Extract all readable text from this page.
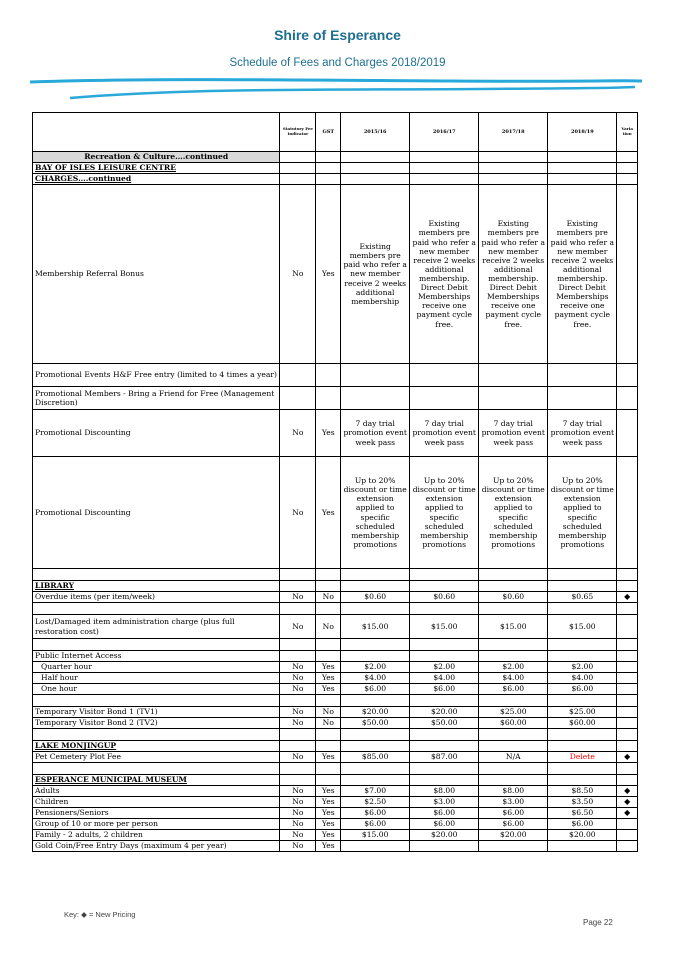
Shire of Esperance
Schedule of Fees and Charges 2018/2019
	Statutory Fee Indicator	GST	2015/16	2016/17	2017/18	2018/19	Varia tion
Recreation & Culture….continued							
BAY OF ISLES LEISURE CENTRE							
CHARGES….continued							
Membership Referral Bonus	No	Yes	Existing members pre paid who refer a new member receive 2 weeks additional membership	Existing members pre paid who refer a new member receive 2 weeks additional membership. Direct Debit Memberships receive one payment cycle free.	Existing members pre paid who refer a new member receive 2 weeks additional membership. Direct Debit Memberships receive one payment cycle free.	Existing members pre paid who refer a new member receive 2 weeks additional membership. Direct Debit Memberships receive one payment cycle free.	
Promotional Events H&F Free entry (limited to 4 times a year)							
Promotional Members - Bring a Friend for Free (Management Discretion)							
Promotional Discounting	No	Yes	7 day trial promotion event week pass	7 day trial promotion event week pass	7 day trial promotion event week pass	7 day trial promotion event week pass	
Promotional Discounting	No	Yes	Up to 20% discount or time extension applied to specific scheduled membership promotions	Up to 20% discount or time extension applied to specific scheduled membership promotions	Up to 20% discount or time extension applied to specific scheduled membership promotions	Up to 20% discount or time extension applied to specific scheduled membership promotions	

LIBRARY							
Overdue items (per item/week)	No	No	$0.60	$0.60	$0.60	$0.65	◆

Lost/Damaged item administration charge (plus full restoration cost)	No	No	$15.00	$15.00	$15.00	$15.00	

Public Internet Access							
Quarter hour	No	Yes	$2.00	$2.00	$2.00	$2.00	
Half hour	No	Yes	$4.00	$4.00	$4.00	$4.00	
One hour	No	Yes	$6.00	$6.00	$6.00	$6.00	

Temporary Visitor Bond 1 (TV1)	No	No	$20.00	$20.00	$25.00	$25.00	
Temporary Visitor Bond 2 (TV2)	No	No	$50.00	$50.00	$60.00	$60.00	

LAKE MONJINGUP							
Pet Cemetery Plot Fee	No	Yes	$85.00	$87.00	N/A	Delete	◆

ESPERANCE MUNICIPAL MUSEUM							
Adults	No	Yes	$7.00	$8.00	$8.00	$8.50	◆
Children	No	Yes	$2.50	$3.00	$3.00	$3.50	◆
Pensioners/Seniors	No	Yes	$6.00	$6.00	$6.00	$6.50	◆
Group of 10 or more per person	No	Yes	$6.00	$6.00	$6.00	$6.00	
Family - 2 adults, 2 children	No	Yes	$15.00	$20.00	$20.00	$20.00	
Gold Coin/Free Entry Days (maximum 4 per year)	No	Yes					
Key: ◆ = New Pricing
Page 22
